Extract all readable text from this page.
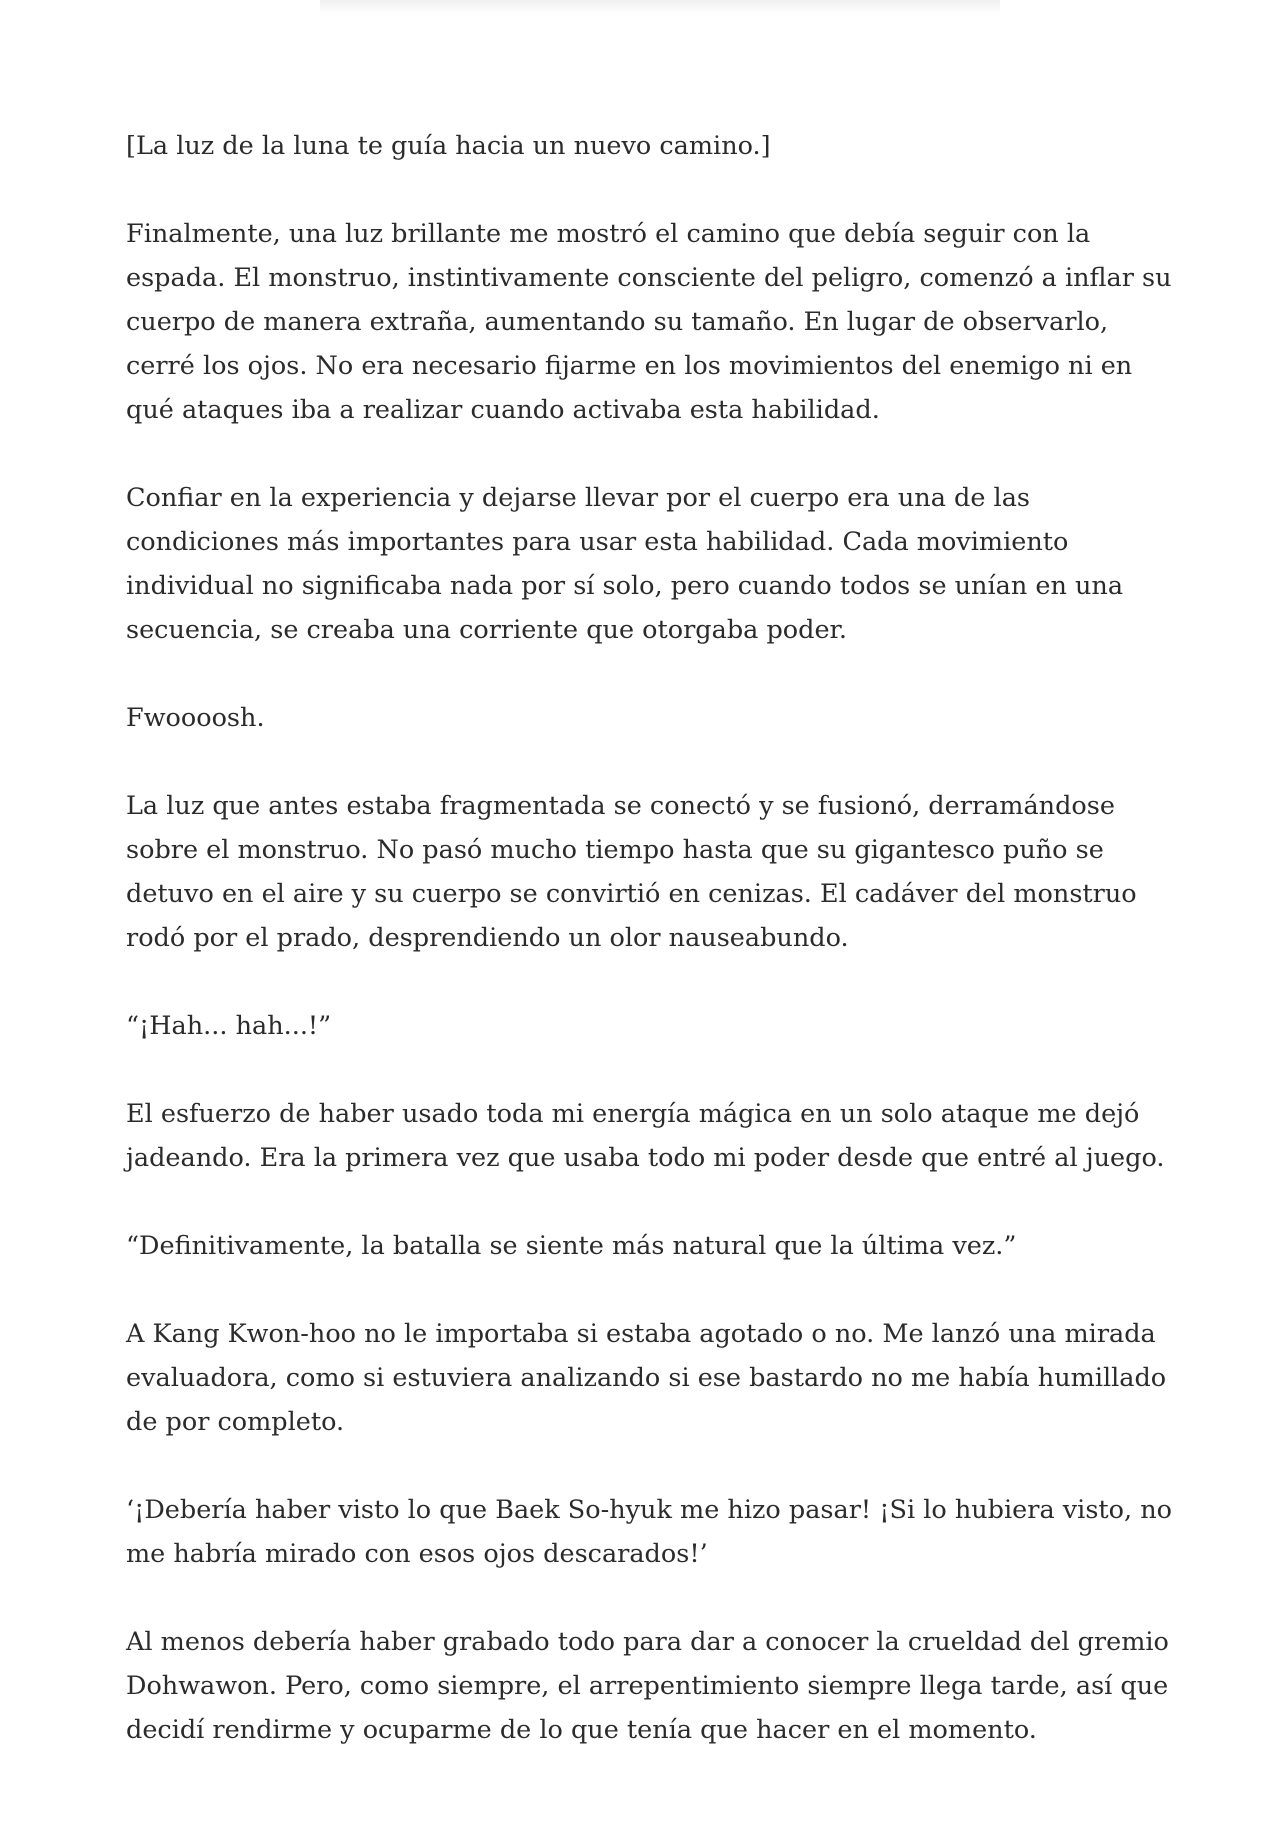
[La luz de la luna te guía hacia un nuevo camino.]

Finalmente, una luz brillante me mostró el camino que debía seguir con la espada. El monstruo, instintivamente consciente del peligro, comenzó a inflar su cuerpo de manera extraña, aumentando su tamaño. En lugar de observarlo, cerré los ojos. No era necesario fijarme en los movimientos del enemigo ni en qué ataques iba a realizar cuando activaba esta habilidad.

Confiar en la experiencia y dejarse llevar por el cuerpo era una de las condiciones más importantes para usar esta habilidad. Cada movimiento individual no significaba nada por sí solo, pero cuando todos se unían en una secuencia, se creaba una corriente que otorgaba poder.

Fwoooosh.

La luz que antes estaba fragmentada se conectó y se fusionó, derramándose sobre el monstruo. No pasó mucho tiempo hasta que su gigantesco puño se detuvo en el aire y su cuerpo se convirtió en cenizas. El cadáver del monstruo rodó por el prado, desprendiendo un olor nauseabundo.

“¡Hah... hah...!”

El esfuerzo de haber usado toda mi energía mágica en un solo ataque me dejó jadeando. Era la primera vez que usaba todo mi poder desde que entré al juego.

“Definitivamente, la batalla se siente más natural que la última vez.”

A Kang Kwon-hoo no le importaba si estaba agotado o no. Me lanzó una mirada evaluadora, como si estuviera analizando si ese bastardo no me había humillado de por completo.

‘¡Debería haber visto lo que Baek So-hyuk me hizo pasar! ¡Si lo hubiera visto, no me habría mirado con esos ojos descarados!’

Al menos debería haber grabado todo para dar a conocer la crueldad del gremio Dohwawon. Pero, como siempre, el arrepentimiento siempre llega tarde, así que decidí rendirme y ocuparme de lo que tenía que hacer en el momento.
